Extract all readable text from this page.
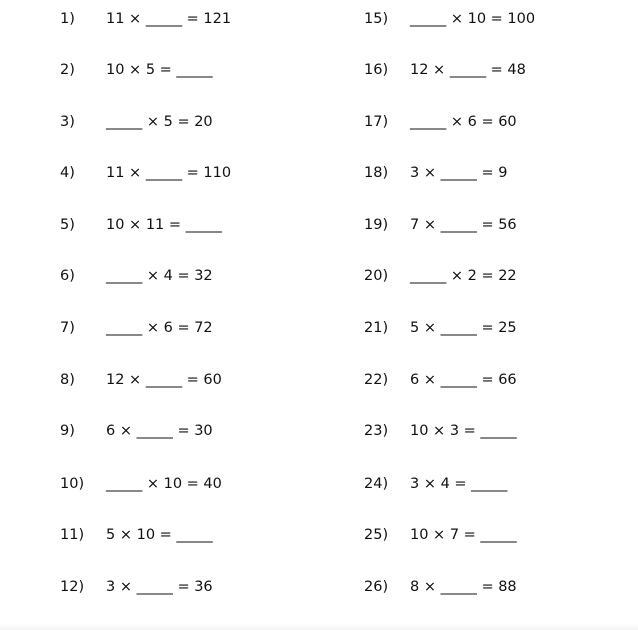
1)	11 × _____ = 121
2)	10 × 5 = _____
3)	_____ × 5 = 20
4)	11 × _____ = 110
5)	10 × 11 = _____
6)	_____ × 4 = 32
7)	_____ × 6 = 72
8)	12 × _____ = 60
9)	6 × _____ = 30
10)	_____ × 10 = 40
11)	5 × 10 = _____
12)	3 × _____ = 36
15)	_____ × 10 = 100
16)	12 × _____ = 48
17)	_____ × 6 = 60
18)	3 × _____ = 9
19)	7 × _____ = 56
20)	_____ × 2 = 22
21)	5 × _____ = 25
22)	6 × _____ = 66
23)	10 × 3 = _____
24)	3 × 4 = _____
25)	10 × 7 = _____
26)	8 × _____ = 88
